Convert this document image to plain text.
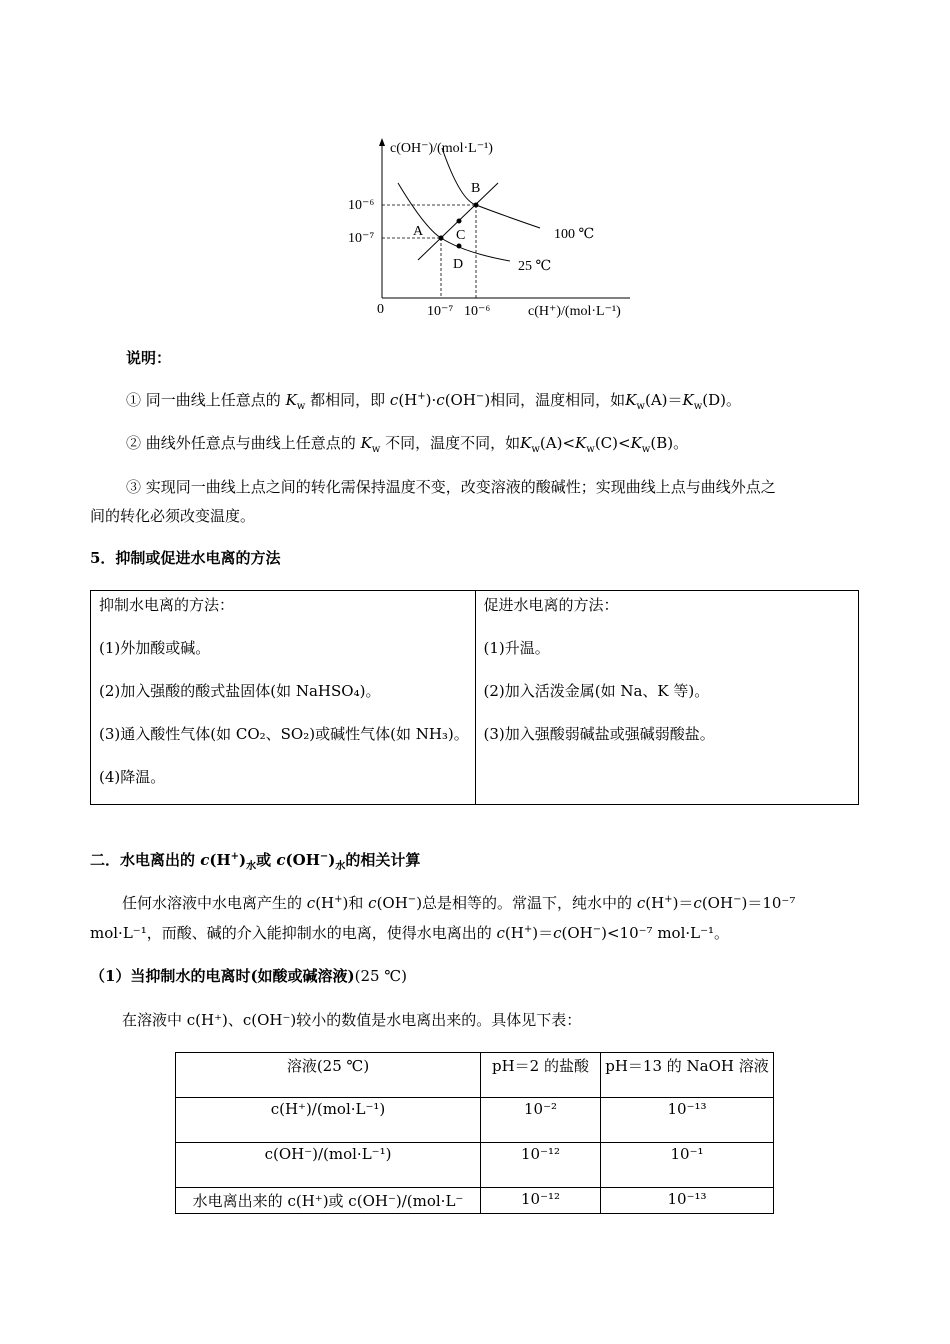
c(OH⁻)/(mol·L⁻¹)
c(H⁺)/(mol·L⁻¹)
0
10⁻⁶
10⁻⁷
10⁻⁷ 10⁻⁶
A
B
C
D
100 ℃
25 ℃
说明：
① 同一曲线上任意点的 $K_w$ 都相同，即 c(H+)·c(OH−)相同，温度相同，如$K_w(A)=K_w(D)$。
② 曲线外任意点与曲线上任意点的 $K_w$ 不同，温度不同，如$K_w(A)<K_w(C)<K_w(B)$。
③ 实现同一曲线上点之间的转化需保持温度不变，改变溶液的酸碱性；实现曲线上点与曲线外点之
间的转化必须改变温度。
5．抑制或促进水电离的方法
抑制水电离的方法：
(1)外加酸或碱。
(2)加入强酸的酸式盐固体(如 NaHSO₄)。
(3)通入酸性气体(如 CO₂、SO₂)或碱性气体(如 NH₃)。
(4)降温。
促进水电离的方法：
(1)升温。
(2)加入活泼金属(如 Na、K 等)。
(3)加入强酸弱碱盐或强碱弱酸盐。
二．水电离出的 $c(H^+)_水$或 $c(OH^-)_水$的相关计算
任何水溶液中水电离产生的 c(H+)和 c(OH−)总是相等的。常温下，纯水中的 c(H+)＝c(OH−)＝10⁻⁷
mol·L⁻¹，而酸、碱的介入能抑制水的电离，使得水电离出的 c(H+)＝c(OH−)<10⁻⁷ mol·L⁻¹。
（1）当抑制水的电离时(如酸或碱溶液)(25 ℃)
在溶液中 c(H⁺)、c(OH⁻)较小的数值是水电离出来的。具体见下表：
溶液(25 ℃)	pH＝2 的盐酸	pH＝13 的 NaOH 溶液
c(H⁺)/(mol·L⁻¹)	10⁻²	10⁻¹³
c(OH⁻)/(mol·L⁻¹)	10⁻¹²	10⁻¹
水电离出来的 c(H⁺)或 c(OH⁻)/(mol·L⁻	10⁻¹²	10⁻¹³
